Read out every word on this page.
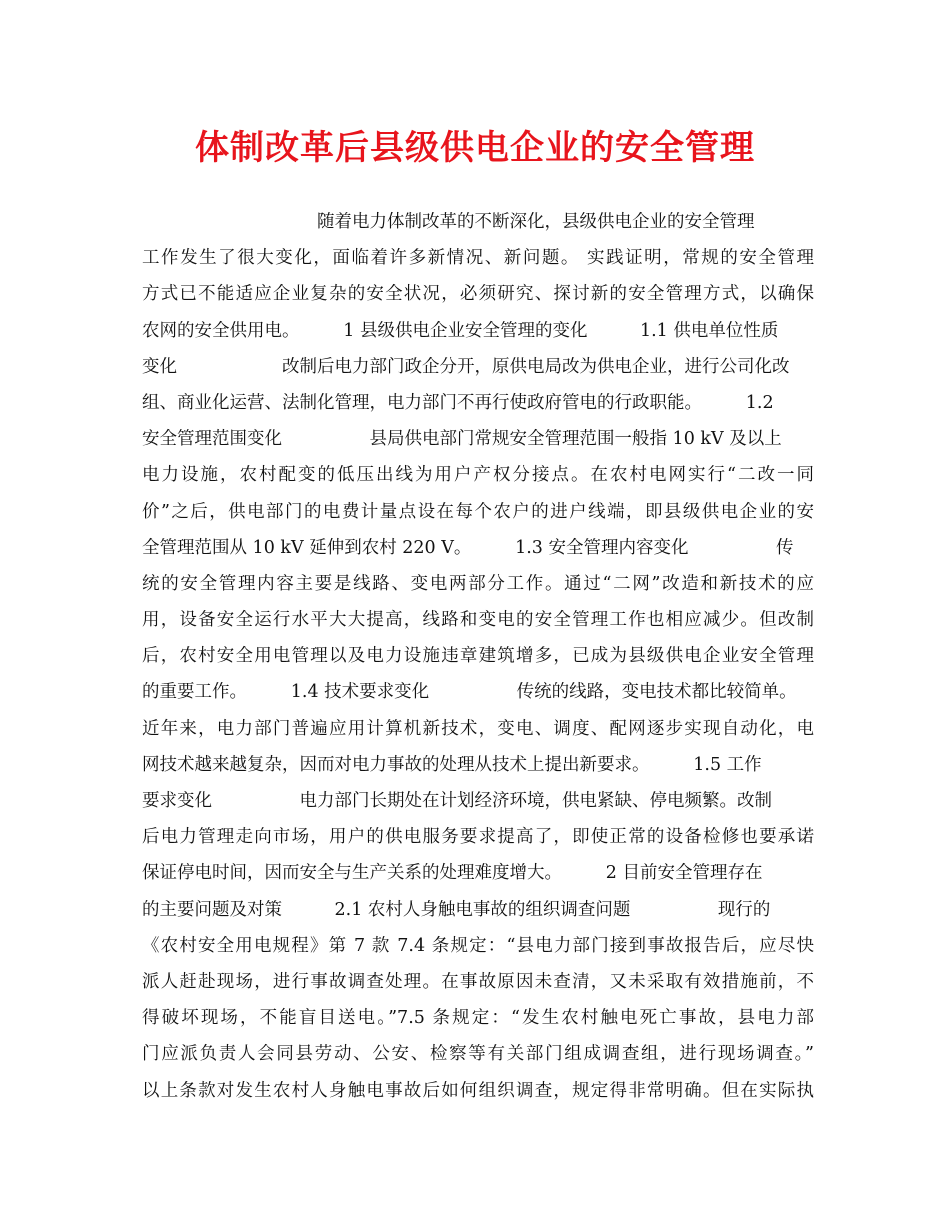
体制改革后县级供电企业的安全管理
　　　　　　　　　　随着电力体制改革的不断深化，县级供电企业的安全管理
工作发生了很大变化，面临着许多新情况、新问题。 实践证明，常规的安全管理
方式已不能适应企业复杂的安全状况，必须研究、探讨新的安全管理方式，以确保
农网的安全供用电。　　　1 县级供电企业安全管理的变化　　　1.1 供电单位性质
变化　　　　　　改制后电力部门政企分开，原供电局改为供电企业，进行公司化改
组、商业化运营、法制化管理，电力部门不再行使政府管电的行政职能。　　　1.2
安全管理范围变化　　　　　县局供电部门常规安全管理范围一般指 10 kV 及以上
电力设施，农村配变的低压出线为用户产权分接点。在农村电网实行“二改一同
价”之后，供电部门的电费计量点设在每个农户的进户线端，即县级供电企业的安
全管理范围从 10 kV 延伸到农村 220 V。　　　1.3 安全管理内容变化　　　　　传
统的安全管理内容主要是线路、变电两部分工作。通过“二网”改造和新技术的应
用，设备安全运行水平大大提高，线路和变电的安全管理工作也相应减少。但改制
后，农村安全用电管理以及电力设施违章建筑增多，已成为县级供电企业安全管理
的重要工作。　　　1.4 技术要求变化　　　　　传统的线路，变电技术都比较简单。
近年来，电力部门普遍应用计算机新技术，变电、调度、配网逐步实现自动化，电
网技术越来越复杂，因而对电力事故的处理从技术上提出新要求。　　　1.5 工作
要求变化　　　　　电力部门长期处在计划经济环境，供电紧缺、停电频繁。改制
后电力管理走向市场，用户的供电服务要求提高了，即使正常的设备检修也要承诺
保证停电时间，因而安全与生产关系的处理难度增大。　　　2 目前安全管理存在
的主要问题及对策　　　2.1 农村人身触电事故的组织调查问题　　　　　现行的
《农村安全用电规程》第 7 款 7.4 条规定：“县电力部门接到事故报告后，应尽快
派人赶赴现场，进行事故调查处理。在事故原因未查清，又未采取有效措施前，不
得破坏现场，不能盲目送电。”7.5 条规定：“发生农村触电死亡事故，县电力部
门应派负责人会同县劳动、公安、检察等有关部门组成调查组，进行现场调查。”
以上条款对发生农村人身触电事故后如何组织调查，规定得非常明确。但在实际执
